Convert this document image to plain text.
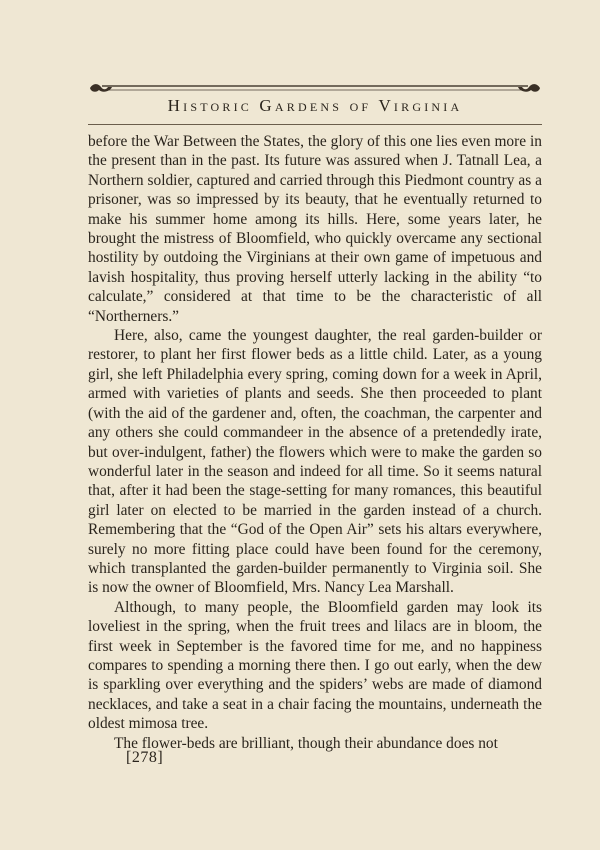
Historic Gardens of Virginia

before the War Between the States, the glory of this one lies even more in the present than in the past. Its future was assured when J. Tatnall Lea, a Northern soldier, captured and carried through this Piedmont country as a prisoner, was so impressed by its beauty, that he eventually returned to make his summer home among its hills. Here, some years later, he brought the mistress of Bloomfield, who quickly overcame any sectional hostility by outdoing the Virginians at their own game of impetuous and lavish hospitality, thus proving herself utterly lacking in the ability “to calculate,” considered at that time to be the characteristic of all “Northerners.”

Here, also, came the youngest daughter, the real garden-builder or restorer, to plant her first flower beds as a little child. Later, as a young girl, she left Philadelphia every spring, coming down for a week in April, armed with varieties of plants and seeds. She then proceeded to plant (with the aid of the gardener and, often, the coachman, the carpenter and any others she could commandeer in the absence of a pretendedly irate, but over-indulgent, father) the flowers which were to make the garden so wonderful later in the season and indeed for all time. So it seems natural that, after it had been the stage-setting for many romances, this beautiful girl later on elected to be married in the garden instead of a church. Remembering that the “God of the Open Air” sets his altars everywhere, surely no more fitting place could have been found for the ceremony, which transplanted the garden-builder permanently to Virginia soil. She is now the owner of Bloomfield, Mrs. Nancy Lea Marshall.

Although, to many people, the Bloomfield garden may look its loveliest in the spring, when the fruit trees and lilacs are in bloom, the first week in September is the favored time for me, and no happiness compares to spending a morning there then. I go out early, when the dew is sparkling over everything and the spiders’ webs are made of diamond necklaces, and take a seat in a chair facing the mountains, underneath the oldest mimosa tree.

The flower-beds are brilliant, though their abundance does not

[278]
